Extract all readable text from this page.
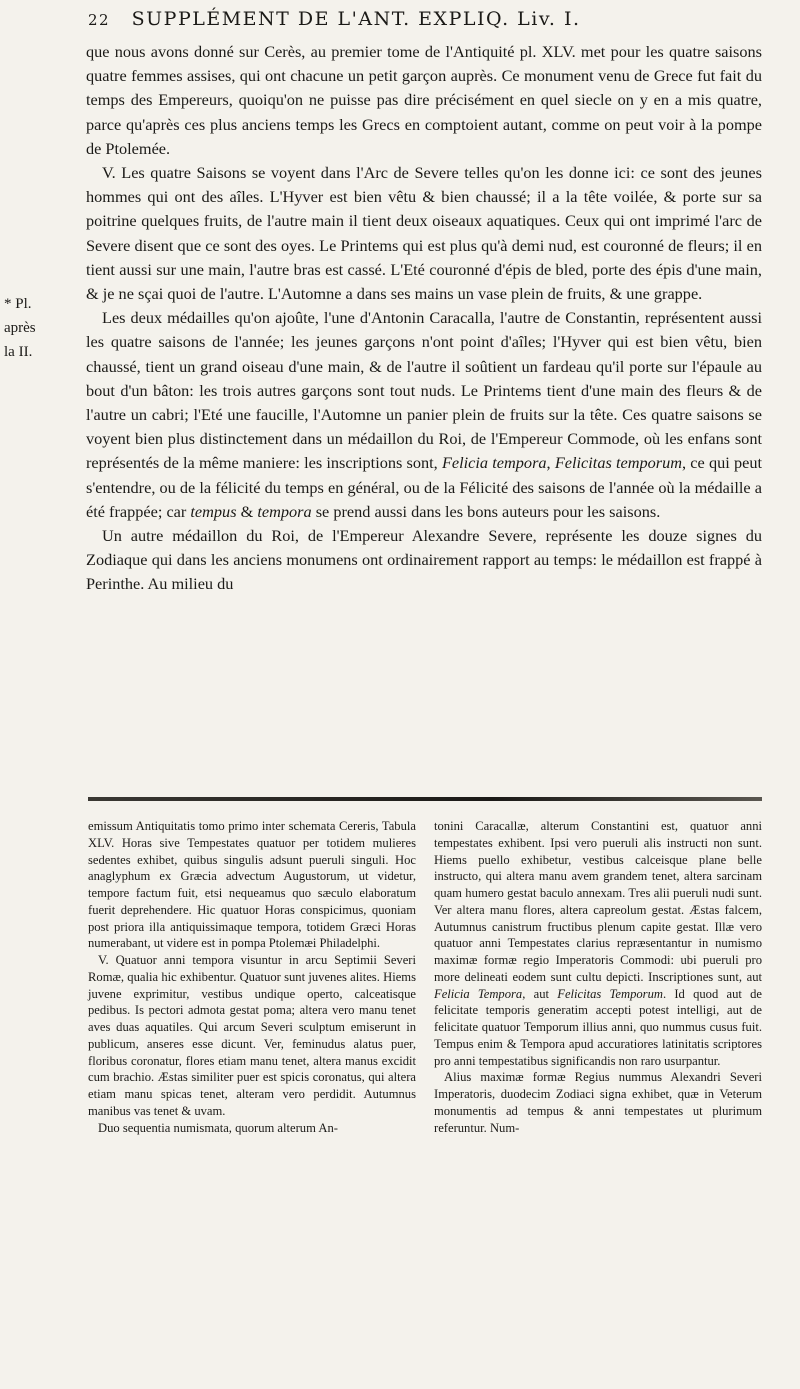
22 SUPPLÉMENT DE L'ANT. EXPLIQ. Liv. I.
* Pl.
après la II.

que nous avons donné sur Cerès, au premier tome de l'Antiquité pl. XLV. met pour les quatre saisons quatre femmes assises, qui ont chacune un petit garçon auprès. Ce monument venu de Grece fut fait du temps des Empereurs, quoiqu'on ne puisse pas dire précisément en quel siecle on y en a mis quatre, parce qu'après ces plus anciens temps les Grecs en comptoient autant, comme on peut voir à la pompe de Ptolemée.

V. Les quatre Saisons se voyent dans l'Arc de Severe telles qu'on les donne ici: ce sont des jeunes hommes qui ont des aîles. L'Hyver est bien vêtu & bien chaussé; il a la tête voilée, & porte sur sa poitrine quelques fruits, de l'autre main il tient deux oiseaux aquatiques. Ceux qui ont imprimé l'arc de Severe disent que ce sont des oyes. Le Printems qui est plus qu'à demi nud, est couronné de fleurs; il en tient aussi sur une main, l'autre bras est cassé. L'Eté couronné d'épis de bled, porte des épis d'une main, & je ne sçai quoi de l'autre. L'Automne a dans ses mains un vase plein de fruits, & une grappe.

Les deux médailles qu'on ajoûte, l'une d'Antonin Caracalla, l'autre de Constantin, représentent aussi les quatre saisons de l'année; les jeunes garçons n'ont point d'aîles; l'Hyver qui est bien vêtu, bien chaussé, tient un grand oiseau d'une main, & de l'autre il soûtient un fardeau qu'il porte sur l'épaule au bout d'un bâton: les trois autres garçons sont tout nuds. Le Printems tient d'une main des fleurs & de l'autre un cabri; l'Eté une faucille, l'Automne un panier plein de fruits sur la tête. Ces quatre saisons se voyent bien plus distinctement dans un médaillon du Roi, de l'Empereur Commode, où les enfans sont représentés de la même maniere: les inscriptions sont, Felicia tempora, Felicitas temporum, ce qui peut s'entendre, ou de la félicité du temps en général, ou de la Félicité des saisons de l'année où la médaille a été frappée; car tempus & tempora se prend aussi dans les bons auteurs pour les saisons.

Un autre médaillon du Roi, de l'Empereur Alexandre Severe, représente les douze signes du Zodiaque qui dans les anciens monumens ont ordinairement rapport au temps: le médaillon est frappé à Perinthe. Au milieu du

emissum Antiquitatis tomo primo inter schemata Cereris, Tabula XLV. Horas sive Tempestates quatuor per totidem mulieres sedentes exhibet, quibus singulis adsunt pueruli singuli. Hoc anaglyphum ex Græcia advectum Augustorum, ut videtur, tempore factum fuit, etsi nequeamus quo sæculo elaboratum fuerit deprehendere. Hic quatuor Horas conspicimus, quoniam post priora illa antiquissimaque tempora, totidem Græci Horas numerabant, ut videre est in pompa Ptolemæi Philadelphi.

V. Quatuor anni tempora visuntur in arcu Septimii Severi Romæ, qualia hic exhibentur. Quatuor sunt juvenes alites. Hiems juvene exprimitur, vestibus undique operto, calceatisque pedibus. Is pectori admota gestat poma; altera vero manu tenet aves duas aquatiles. Qui arcum Severi sculptum emiserunt in publicum, anseres esse dicunt. Ver, feminudus alatus puer, floribus coronatur, flores etiam manu tenet, altera manus excidit cum brachio. Æstas similiter puer est spicis coronatus, qui altera etiam manu spicas tenet, alteram vero perdidit. Autumnus manibus vas tenet & uvam.

Duo sequentia numismata, quorum alterum An-

tonini Caracallæ, alterum Constantini est, quatuor anni tempestates exhibent. Ipsi vero pueruli alis instructi non sunt. Hiems puello exhibetur, vestibus calceisque plane belle instructo, qui altera manu avem grandem tenet, altera sarcinam quam humero gestat baculo annexam. Tres alii pueruli nudi sunt. Ver altera manu flores, altera capreolum gestat. Æstas falcem, Autumnus canistrum fructibus plenum capite gestat. Illæ vero quatuor anni Tempestates clarius repræsentantur in numismo maximæ formæ regio Imperatoris Commodi: ubi pueruli pro more delineati eodem sunt cultu depicti. Inscriptiones sunt, aut Felicia Tempora, aut Felicitas Temporum. Id quod aut de felicitate temporis generatim accepti potest intelligi, aut de felicitate quatuor Temporum illius anni, quo nummus cusus fuit. Tempus enim & Tempora apud accuratiores latinitatis scriptores pro anni tempestatibus significandis non raro usurpantur.

Alius maximæ formæ Regius nummus Alexandri Severi Imperatoris, duodecim Zodiaci signa exhibet, quæ in Veterum monumentis ad tempus & anni tempestates ut plurimum referuntur. Num-
